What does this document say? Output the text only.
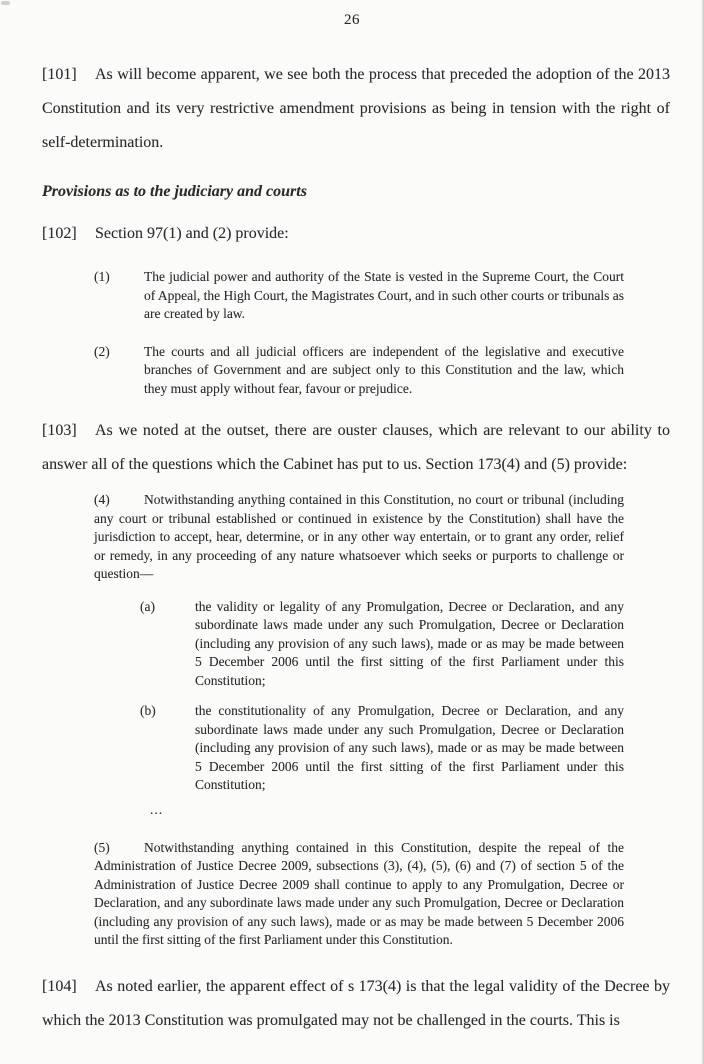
26

[101] As will become apparent, we see both the process that preceded the adoption of the 2013 Constitution and its very restrictive amendment provisions as being in tension with the right of self-determination.

Provisions as to the judiciary and courts

[102] Section 97(1) and (2) provide:

(1)	The judicial power and authority of the State is vested in the Supreme Court, the Court of Appeal, the High Court, the Magistrates Court, and in such other courts or tribunals as are created by law.
(2)	The courts and all judicial officers are independent of the legislative and executive branches of Government and are subject only to this Constitution and the law, which they must apply without fear, favour or prejudice.

[103] As we noted at the outset, there are ouster clauses, which are relevant to our ability to answer all of the questions which the Cabinet has put to us. Section 173(4) and (5) provide:

(4)	Notwithstanding anything contained in this Constitution, no court or tribunal (including any court or tribunal established or continued in existence by the Constitution) shall have the jurisdiction to accept, hear, determine, or in any other way entertain, or to grant any order, relief or remedy, in any proceeding of any nature whatsoever which seeks or purports to challenge or question—
(a)	the validity or legality of any Promulgation, Decree or Declaration, and any subordinate laws made under any such Promulgation, Decree or Declaration (including any provision of any such laws), made or as may be made between 5 December 2006 until the first sitting of the first Parliament under this Constitution;
(b)	the constitutionality of any Promulgation, Decree or Declaration, and any subordinate laws made under any such Promulgation, Decree or Declaration (including any provision of any such laws), made or as may be made between 5 December 2006 until the first sitting of the first Parliament under this Constitution;
...
(5)	Notwithstanding anything contained in this Constitution, despite the repeal of the Administration of Justice Decree 2009, subsections (3), (4), (5), (6) and (7) of section 5 of the Administration of Justice Decree 2009 shall continue to apply to any Promulgation, Decree or Declaration, and any subordinate laws made under any such Promulgation, Decree or Declaration (including any provision of any such laws), made or as may be made between 5 December 2006 until the first sitting of the first Parliament under this Constitution.

[104] As noted earlier, the apparent effect of s 173(4) is that the legal validity of the Decree by which the 2013 Constitution was promulgated may not be challenged in the courts. This is
